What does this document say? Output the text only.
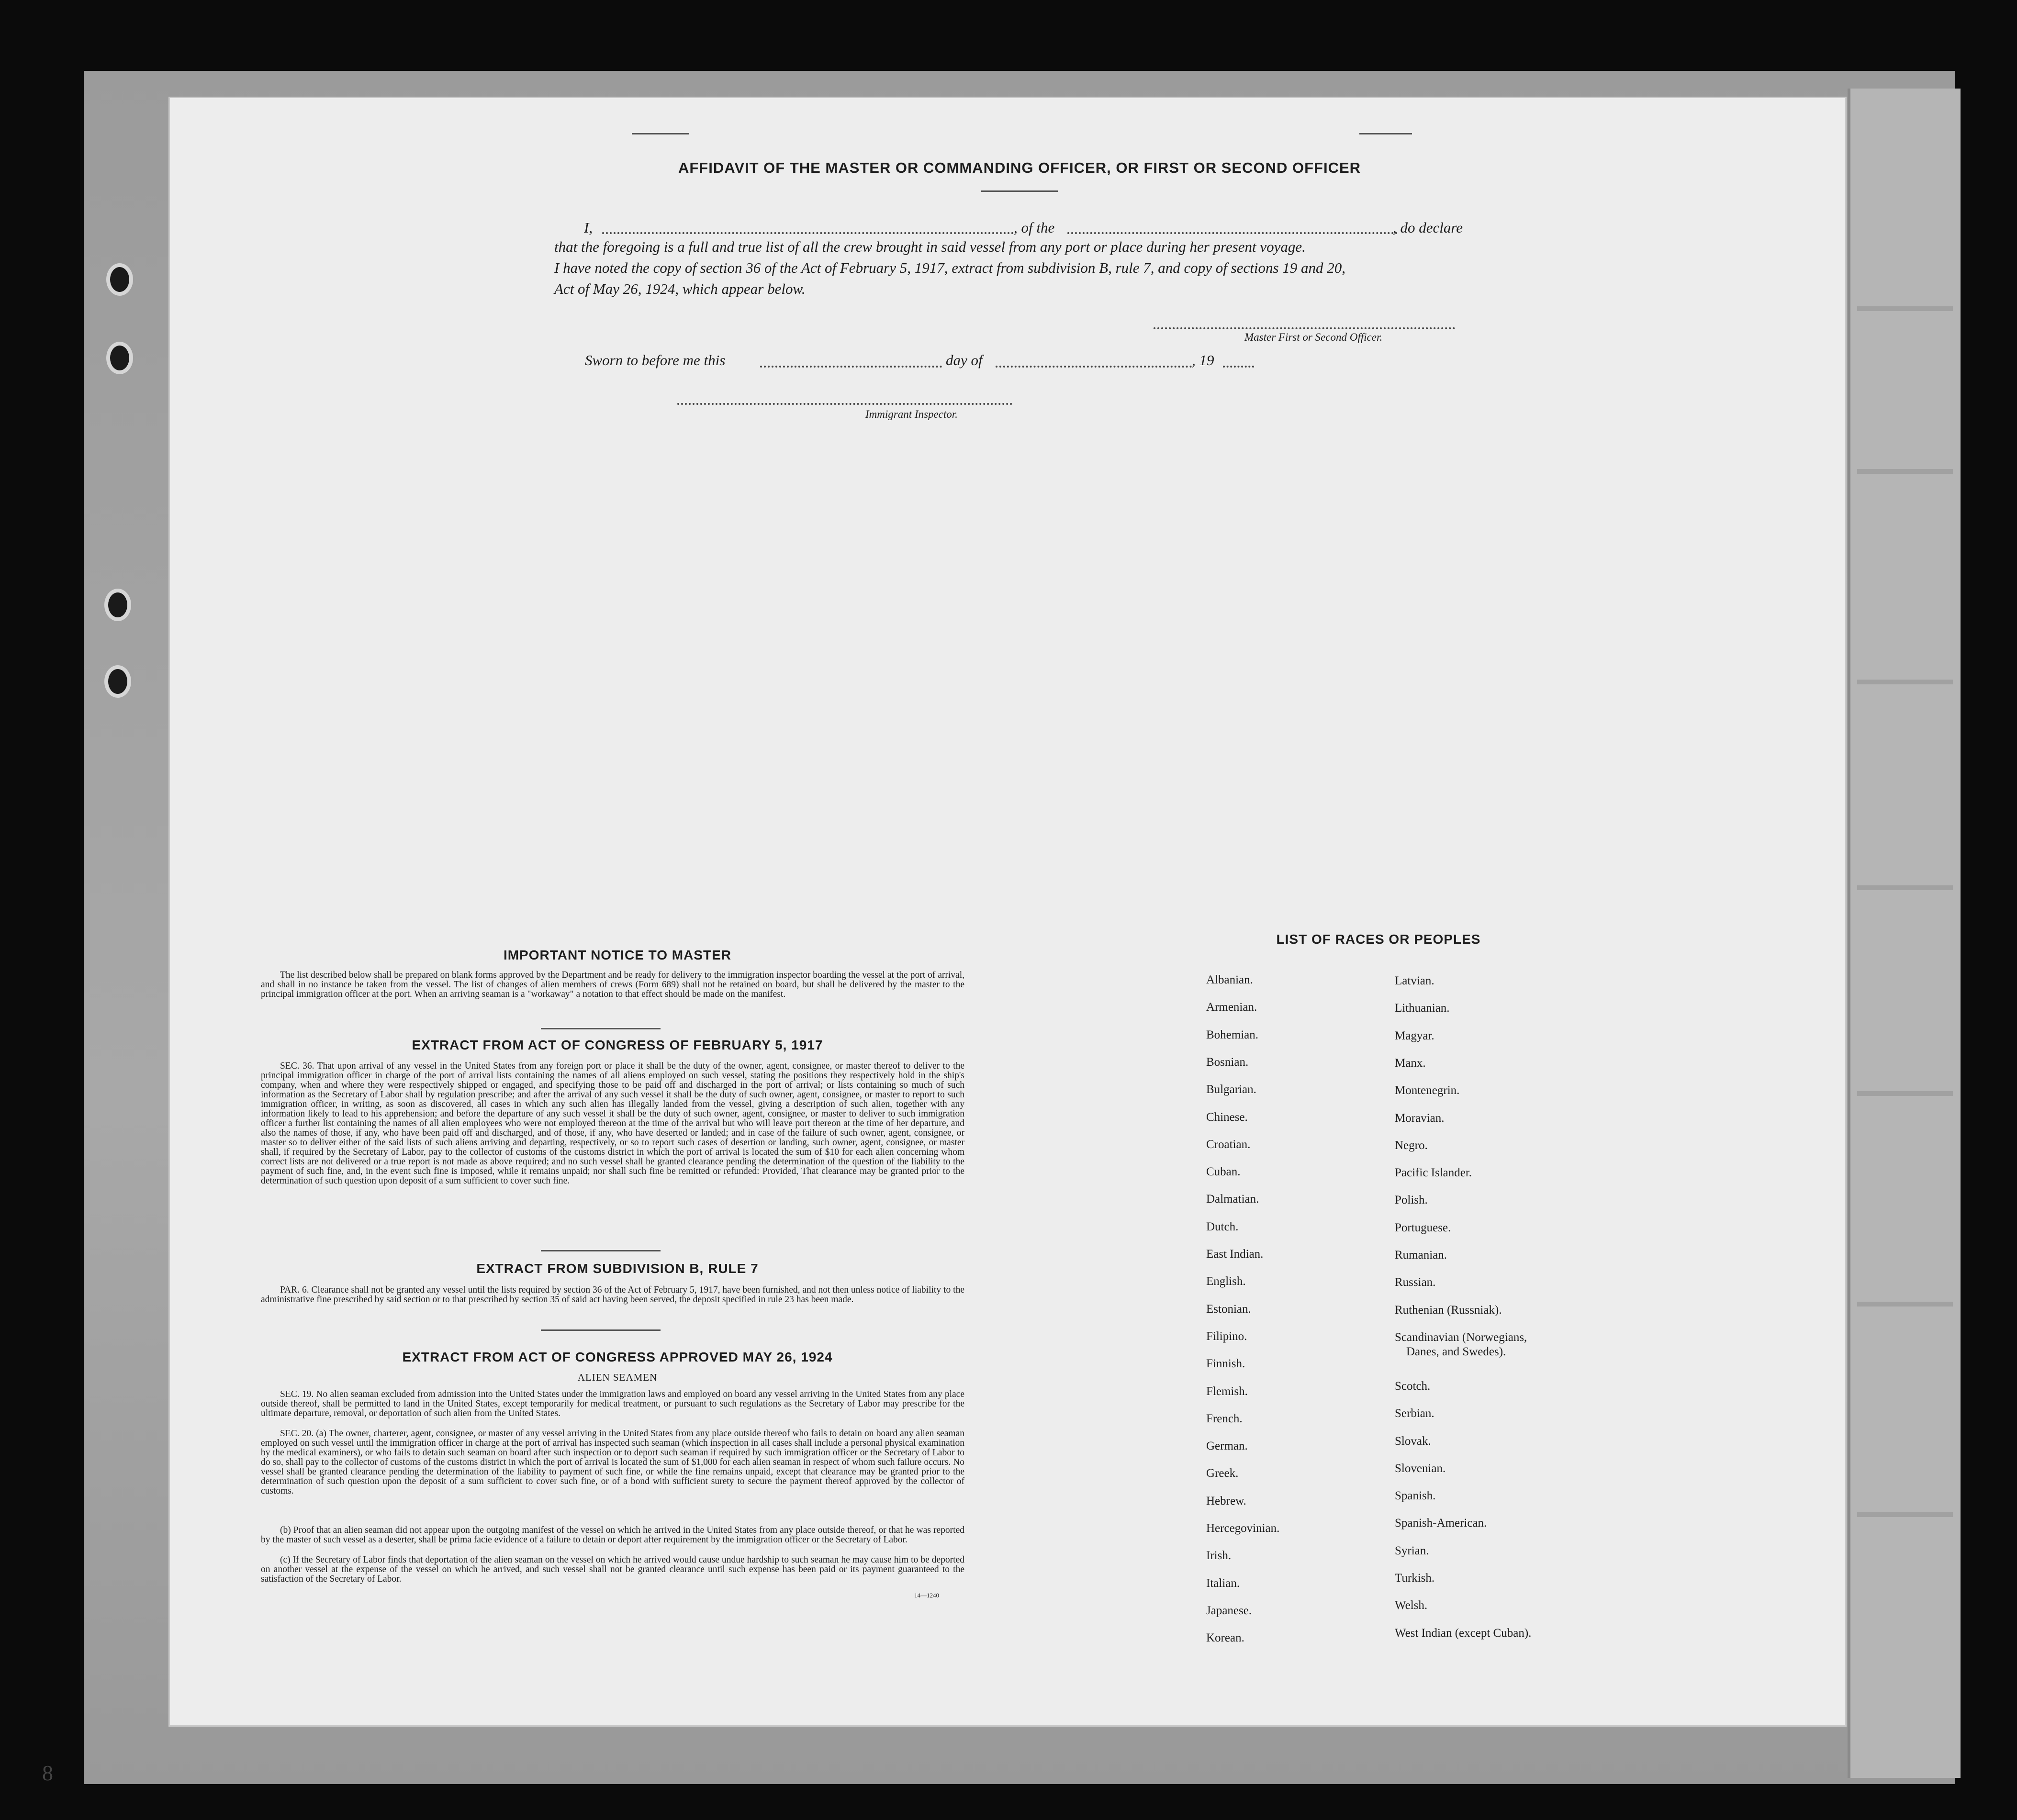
AFFIDAVIT OF THE MASTER OR COMMANDING OFFICER, OR FIRST OR SECOND OFFICER
I,	, of the	, do declare
that the foregoing is a full and true list of all the crew brought in said vessel from any port or place during her present voyage.
I have noted the copy of section 36 of the Act of February 5, 1917, extract from subdivision B, rule 7, and copy of sections 19 and 20,
Act of May 26, 1924, which appear below.
Master First or Second Officer.
Sworn to before me this	day of	, 19
Immigrant Inspector.
IMPORTANT NOTICE TO MASTER
The list described below shall be prepared on blank forms approved by the Department and be ready for delivery to the immigration inspector boarding the vessel at the port of arrival, and shall in no instance be taken from the vessel. The list of changes of alien members of crews (Form 689) shall not be retained on board, but shall be delivered by the master to the principal immigration officer at the port. When an arriving seaman is a "workaway" a notation to that effect should be made on the manifest.
EXTRACT FROM ACT OF CONGRESS OF FEBRUARY 5, 1917
SEC. 36. That upon arrival of any vessel in the United States from any foreign port or place it shall be the duty of the owner, agent, consignee, or master thereof to deliver to the principal immigration officer in charge of the port of arrival lists containing the names of all aliens employed on such vessel, stating the positions they respectively hold in the ship's company, when and where they were respectively shipped or engaged, and specifying those to be paid off and discharged in the port of arrival; or lists containing so much of such information as the Secretary of Labor shall by regulation prescribe; and after the arrival of any such vessel it shall be the duty of such owner, agent, consignee, or master to report to such immigration officer, in writing, as soon as discovered, all cases in which any such alien has illegally landed from the vessel, giving a description of such alien, together with any information likely to lead to his apprehension; and before the departure of any such vessel it shall be the duty of such owner, agent, consignee, or master to deliver to such immigration officer a further list containing the names of all alien employees who were not employed thereon at the time of the arrival but who will leave port thereon at the time of her departure, and also the names of those, if any, who have been paid off and discharged, and of those, if any, who have deserted or landed; and in case of the failure of such owner, agent, consignee, or master so to deliver either of the said lists of such aliens arriving and departing, respectively, or so to report such cases of desertion or landing, such owner, agent, consignee, or master shall, if required by the Secretary of Labor, pay to the collector of customs of the customs district in which the port of arrival is located the sum of $10 for each alien concerning whom correct lists are not delivered or a true report is not made as above required; and no such vessel shall be granted clearance pending the determination of the question of the liability to the payment of such fine, and, in the event such fine is imposed, while it remains unpaid; nor shall such fine be remitted or refunded: Provided, That clearance may be granted prior to the determination of such question upon deposit of a sum sufficient to cover such fine.
EXTRACT FROM SUBDIVISION B, RULE 7
PAR. 6. Clearance shall not be granted any vessel until the lists required by section 36 of the Act of February 5, 1917, have been furnished, and not then unless notice of liability to the administrative fine prescribed by said section or to that prescribed by section 35 of said act having been served, the deposit specified in rule 23 has been made.
EXTRACT FROM ACT OF CONGRESS APPROVED MAY 26, 1924
ALIEN SEAMEN
SEC. 19. No alien seaman excluded from admission into the United States under the immigration laws and employed on board any vessel arriving in the United States from any place outside thereof, shall be permitted to land in the United States, except temporarily for medical treatment, or pursuant to such regulations as the Secretary of Labor may prescribe for the ultimate departure, removal, or deportation of such alien from the United States.
SEC. 20. (a) The owner, charterer, agent, consignee, or master of any vessel arriving in the United States from any place outside thereof who fails to detain on board any alien seaman employed on such vessel until the immigration officer in charge at the port of arrival has inspected such seaman (which inspection in all cases shall include a personal physical examination by the medical examiners), or who fails to detain such seaman on board after such inspection or to deport such seaman if required by such immigration officer or the Secretary of Labor to do so, shall pay to the collector of customs of the customs district in which the port of arrival is located the sum of $1,000 for each alien seaman in respect of whom such failure occurs. No vessel shall be granted clearance pending the determination of the liability to payment of such fine, or while the fine remains unpaid, except that clearance may be granted prior to the determination of such question upon the deposit of a sum sufficient to cover such fine, or of a bond with sufficient surety to secure the payment thereof approved by the collector of customs.
(b) Proof that an alien seaman did not appear upon the outgoing manifest of the vessel on which he arrived in the United States from any place outside thereof, or that he was reported by the master of such vessel as a deserter, shall be prima facie evidence of a failure to detain or deport after requirement by the immigration officer or the Secretary of Labor.
(c) If the Secretary of Labor finds that deportation of the alien seaman on the vessel on which he arrived would cause undue hardship to such seaman he may cause him to be deported on another vessel at the expense of the vessel on which he arrived, and such vessel shall not be granted clearance until such expense has been paid or its payment guaranteed to the satisfaction of the Secretary of Labor.
14—1240
LIST OF RACES OR PEOPLES
Albanian.
Armenian.
Bohemian.
Bosnian.
Bulgarian.
Chinese.
Croatian.
Cuban.
Dalmatian.
Dutch.
East Indian.
English.
Estonian.
Filipino.
Finnish.
Flemish.
French.
German.
Greek.
Hebrew.
Hercegovinian.
Irish.
Italian.
Japanese.
Korean.
Latvian.
Lithuanian.
Magyar.
Manx.
Montenegrin.
Moravian.
Negro.
Pacific Islander.
Polish.
Portuguese.
Rumanian.
Russian.
Ruthenian (Russniak).
Scandinavian (Norwegians,
Danes, and Swedes).
Scotch.
Serbian.
Slovak.
Slovenian.
Spanish.
Spanish-American.
Syrian.
Turkish.
Welsh.
West Indian (except Cuban).
8
